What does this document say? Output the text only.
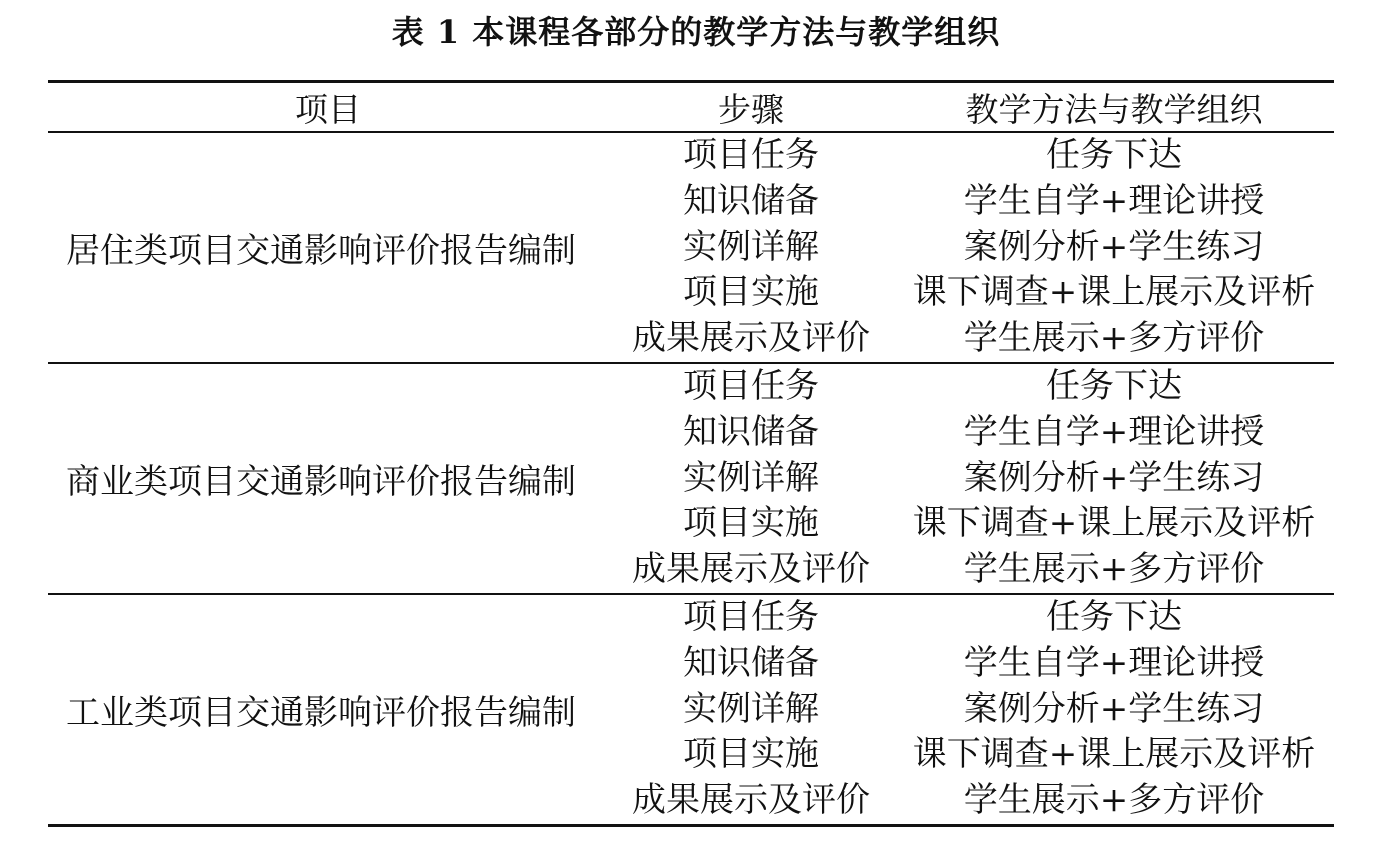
表 1 本课程各部分的教学方法与教学组织
项目	步骤	教学方法与教学组织
居住类项目交通影响评价报告编制
项目任务
知识储备
实例详解
项目实施
成果展示及评价
任务下达
学生自学+理论讲授
案例分析+学生练习
课下调查+课上展示及评析
学生展示+多方评价
商业类项目交通影响评价报告编制
项目任务
知识储备
实例详解
项目实施
成果展示及评价
任务下达
学生自学+理论讲授
案例分析+学生练习
课下调查+课上展示及评析
学生展示+多方评价
工业类项目交通影响评价报告编制
项目任务
知识储备
实例详解
项目实施
成果展示及评价
任务下达
学生自学+理论讲授
案例分析+学生练习
课下调查+课上展示及评析
学生展示+多方评价
